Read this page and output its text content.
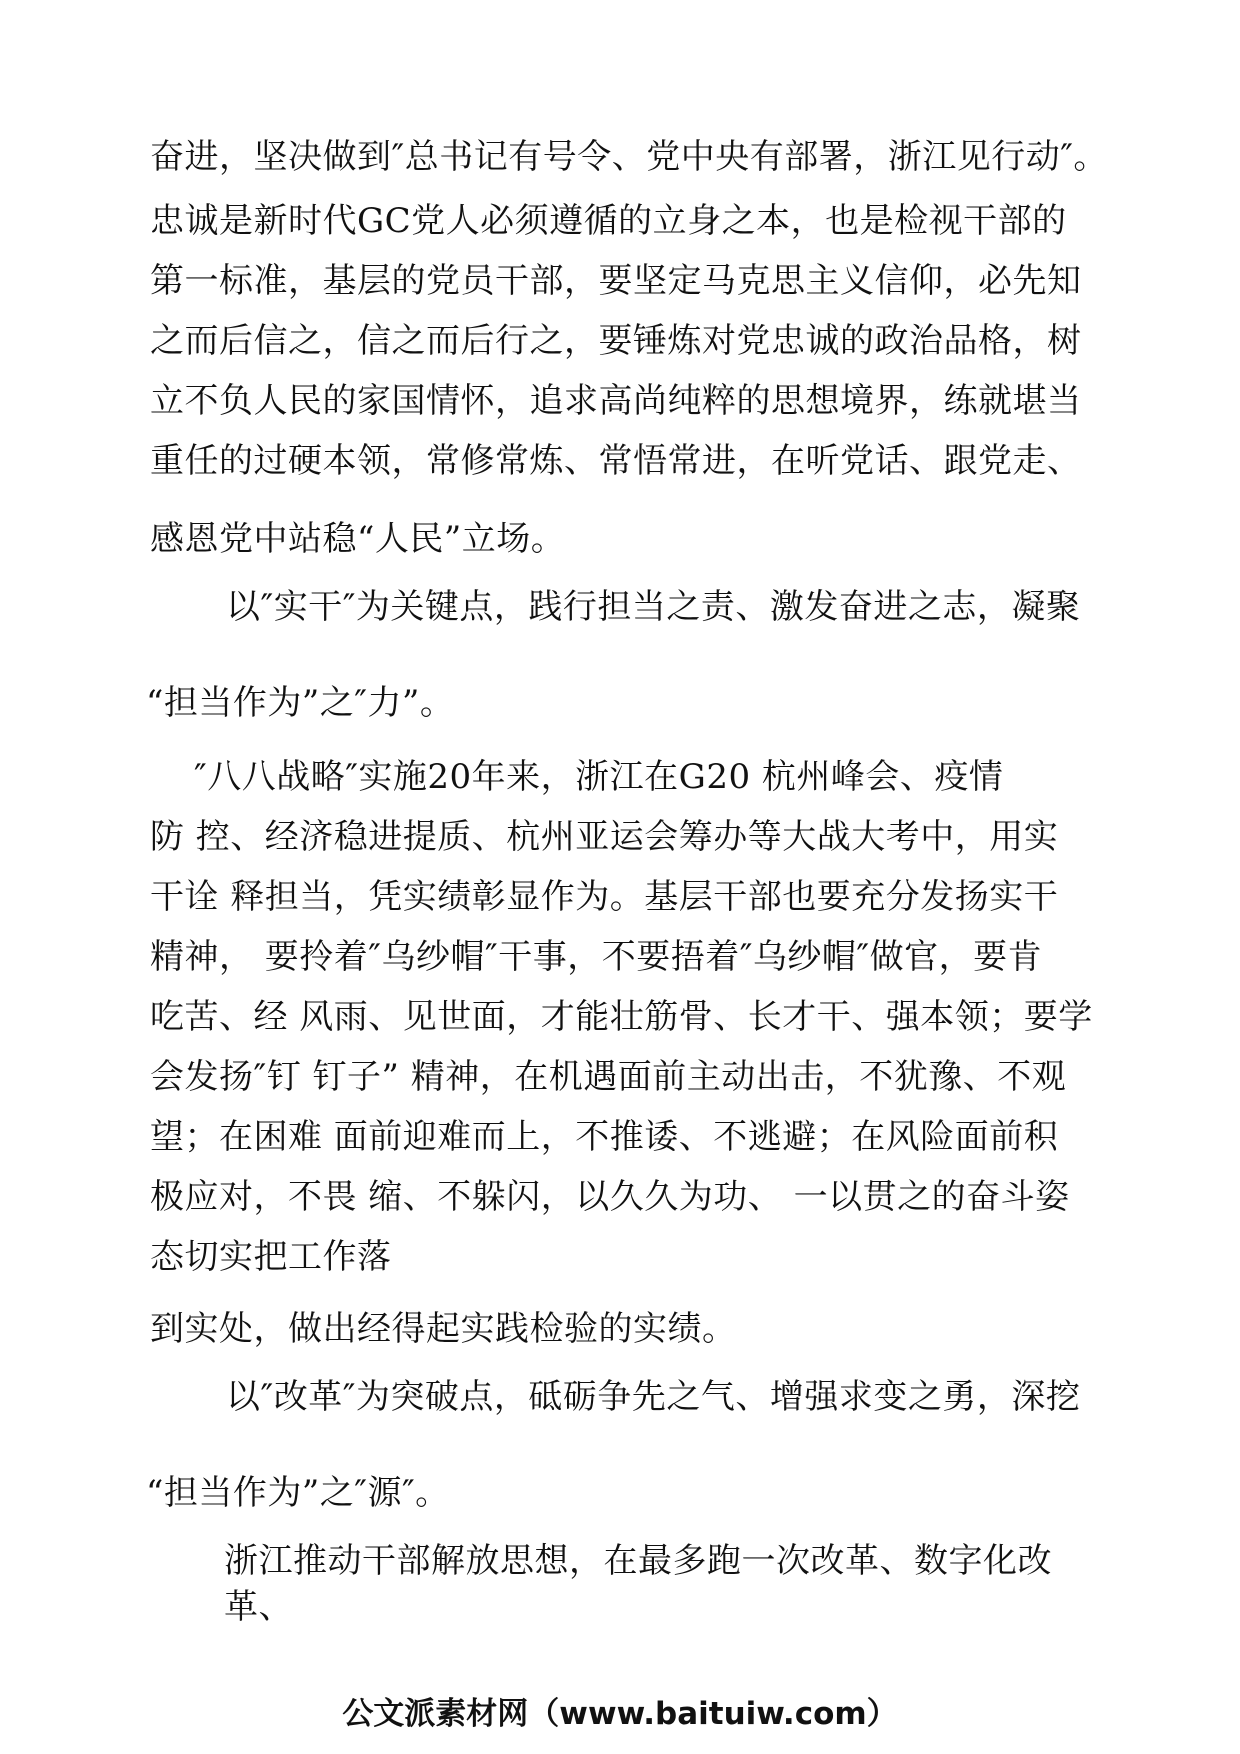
奋进，坚决做到″总书记有号令、党中央有部署，浙江见行动″。
忠诚是新时代GC党人必须遵循的立身之本，也是检视干部的
第一标准，基层的党员干部，要坚定马克思主义信仰，必先知
之而后信之，信之而后行之，要锤炼对党忠诚的政治品格，树
立不负人民的家国情怀，追求高尚纯粹的思想境界，练就堪当
重任的过硬本领，常修常炼、常悟常进，在听党话、跟党走、
感恩党中站稳“人民”立场。
以″实干″为关键点，践行担当之责、激发奋进之志，凝聚
“担当作为”之″力”。
″八八战略″实施20年来，浙江在G20 杭州峰会、疫情
防 控、经济稳进提质、杭州亚运会筹办等大战大考中，用实
干诠 释担当，凭实绩彰显作为。基层干部也要充分发扬实干
精神， 要拎着″乌纱帽″干事，不要捂着″乌纱帽″做官，要肯
吃苦、经 风雨、见世面，才能壮筋骨、长才干、强本领；要学
会发扬″钉 钉子” 精神，在机遇面前主动出击，不犹豫、不观
望；在困难 面前迎难而上，不推诿、不逃避；在风险面前积
极应对，不畏 缩、不躲闪，以久久为功、 一以贯之的奋斗姿
态切实把工作落
到实处，做出经得起实践检验的实绩。
以″改革″为突破点，砥砺争先之气、增强求变之勇，深挖
“担当作为”之″源″。
浙江推动干部解放思想，在最多跑一次改革、数字化改
革、
公文派素材网（www.baituiw.com）
